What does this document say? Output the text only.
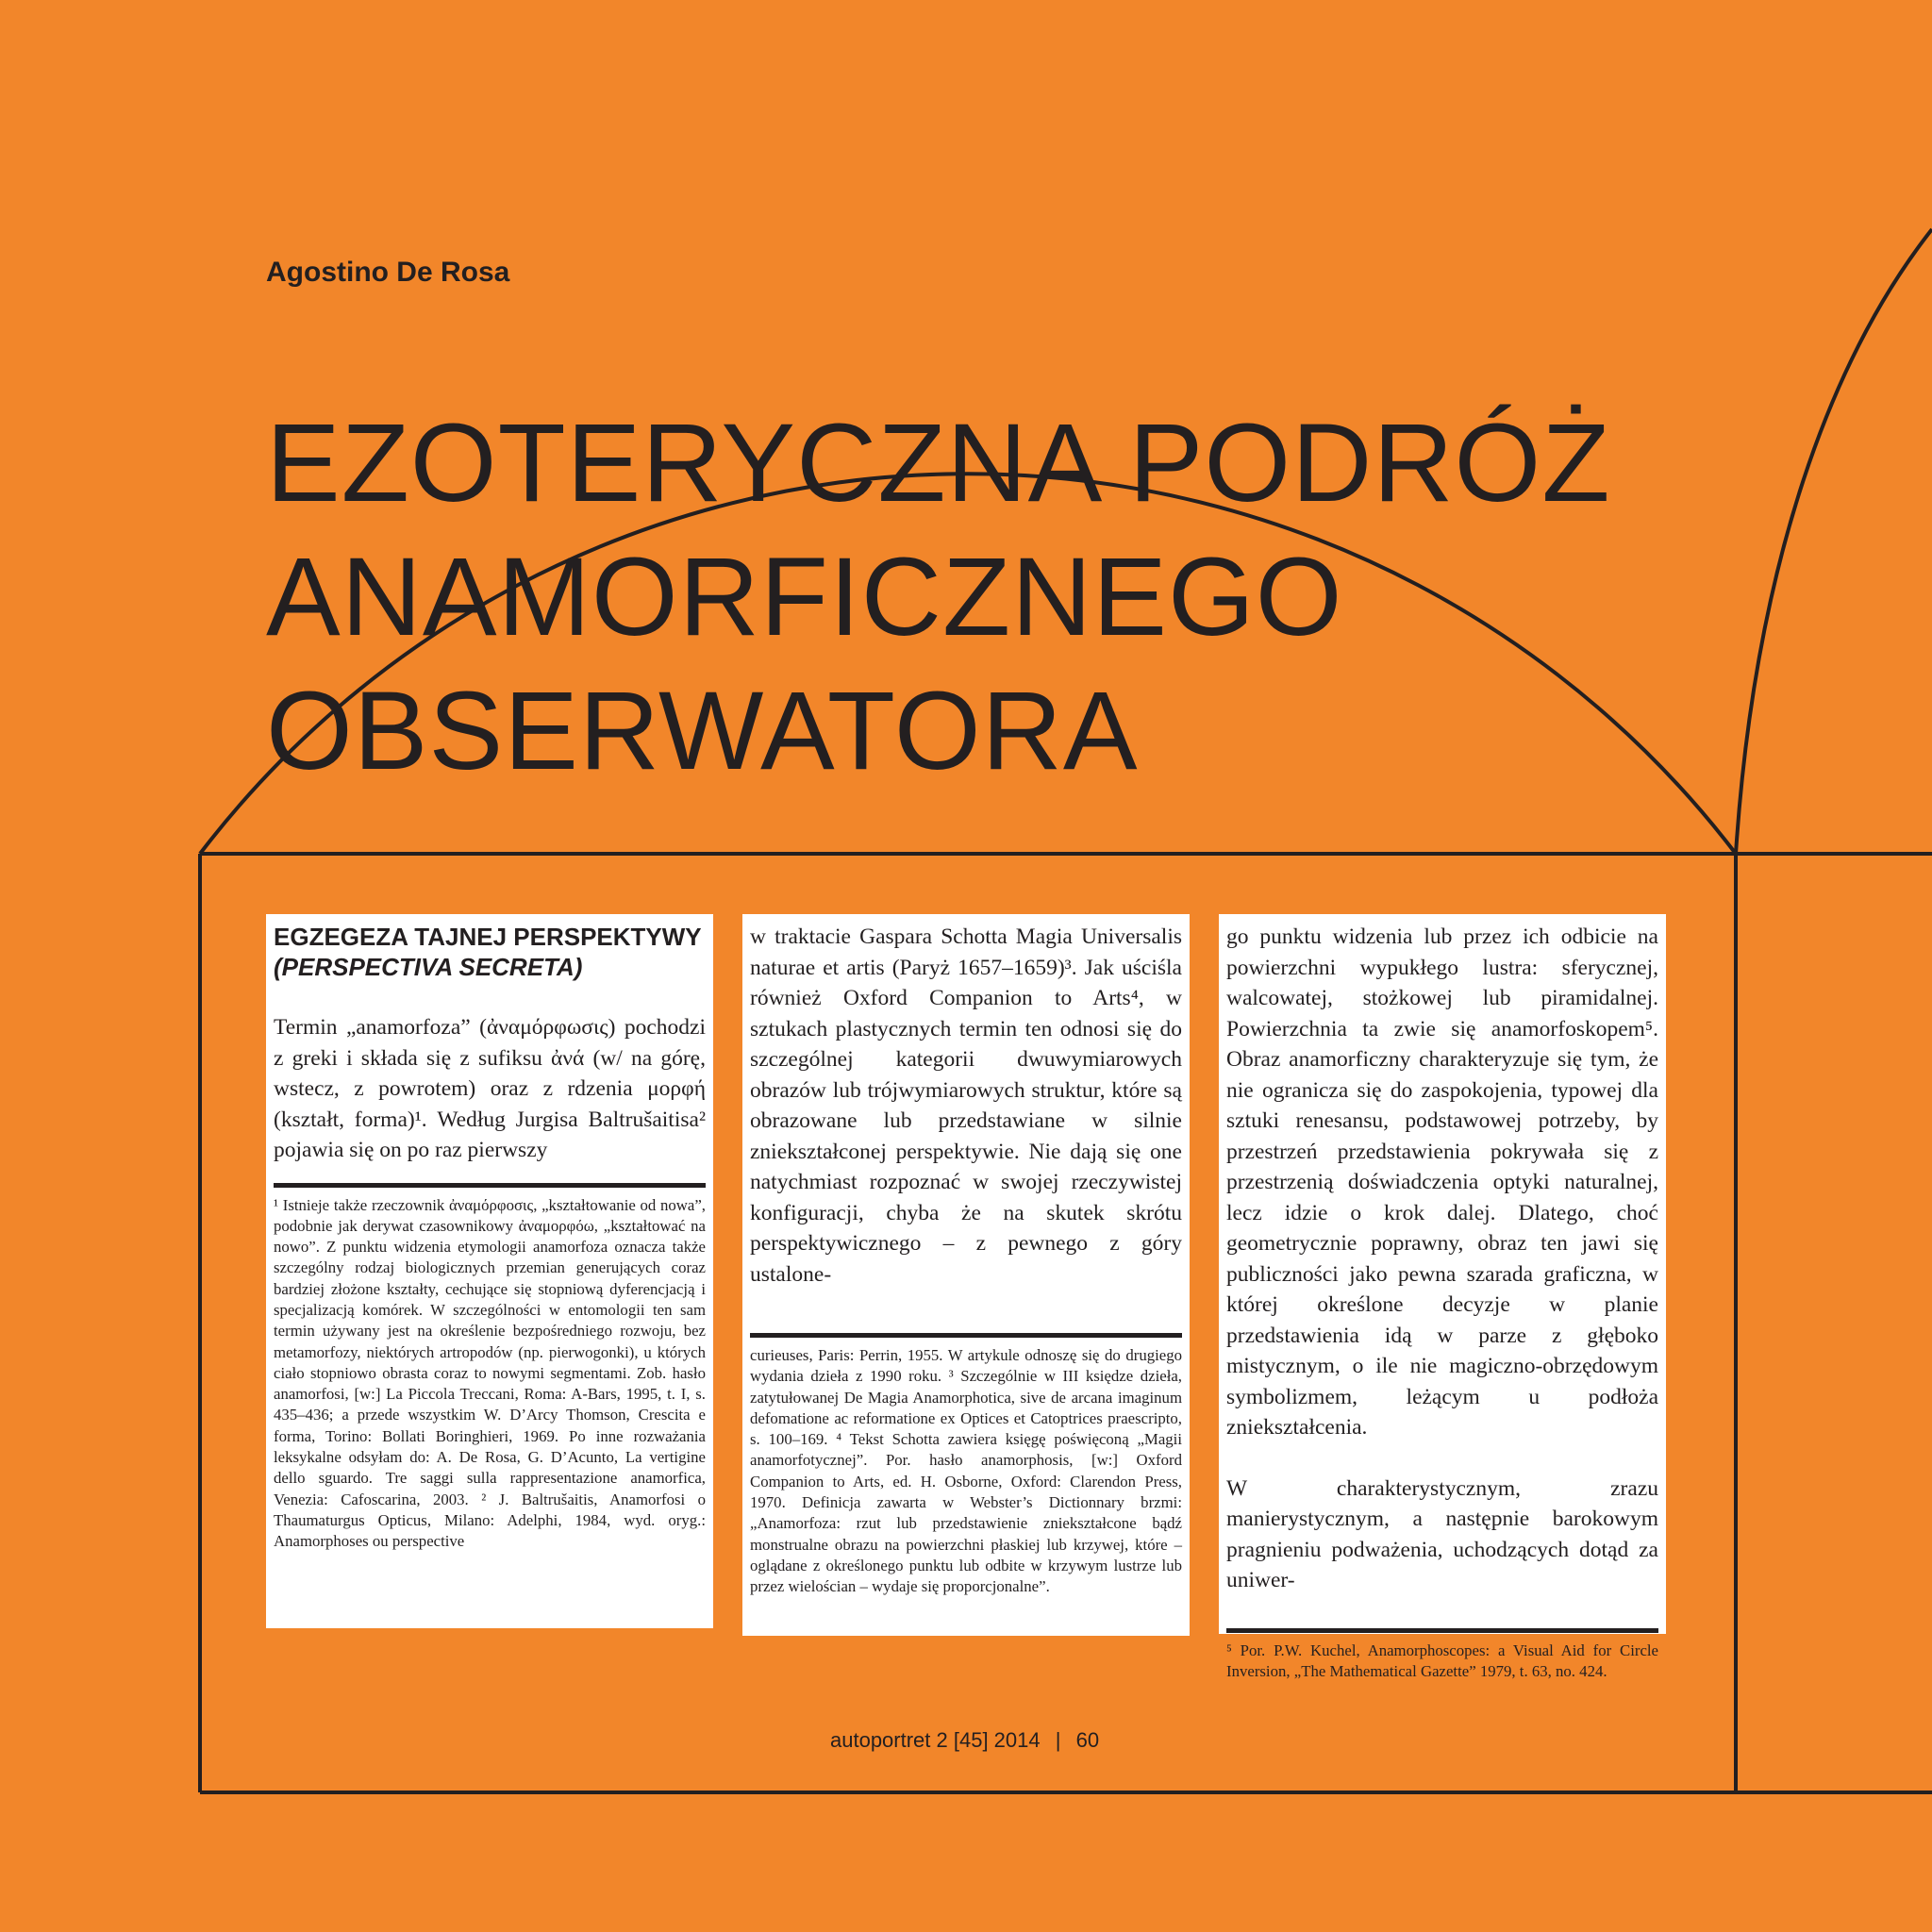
Agostino De Rosa

EZOTERYCZNA PODRÓŻ
ANAMORFICZNEGO
OBSERWATORA

EGZEGEZA TAJNEJ PERSPEKTYWY

(PERSPECTIVA SECRETA)

Termin „anamorfoza” (ἀναμόρφωσις) pochodzi z greki i składa się z sufiksu ἀνά (w/ na górę, wstecz, z powrotem) oraz z rdzenia μορφή (kształt, forma)¹. Według Jurgisa Baltrušaitisa² pojawia się on po raz pierwszy

¹ Istnieje także rzeczownik ἀναμόρφοσις, „kształtowanie od nowa”, podobnie jak derywat czasownikowy ἀναμορφόω, „kształtować na nowo”. Z punktu widzenia etymologii anamorfoza oznacza także szczególny rodzaj biologicznych przemian generujących coraz bardziej złożone kształty, cechujące się stopniową dyferencjacją i specjalizacją komórek. W szczególności w entomologii ten sam termin używany jest na określenie bezpośredniego rozwoju, bez metamorfozy, niektórych artropodów (np. pierwogonki), u których ciało stopniowo obrasta coraz to nowymi segmentami. Zob. hasło anamorfosi, [w:] La Piccola Treccani, Roma: A-Bars, 1995, t. I, s. 435–436; a przede wszystkim W. D’Arcy Thomson, Crescita e forma, Torino: Bollati Boringhieri, 1969. Po inne rozważania leksykalne odsyłam do: A. De Rosa, G. D’Acunto, La vertigine dello sguardo. Tre saggi sulla rappresentazione anamorfica, Venezia: Cafoscarina, 2003. ² J. Baltrušaitis, Anamorfosi o Thaumaturgus Opticus, Milano: Adelphi, 1984, wyd. oryg.: Anamorphoses ou perspective

w traktacie Gaspara Schotta Magia Universalis naturae et artis (Paryż 1657–1659)³. Jak uściśla również Oxford Companion to Arts⁴, w sztukach plastycznych termin ten odnosi się do szczególnej kategorii dwuwymiarowych obrazów lub trójwymiarowych struktur, które są obrazowane lub przedstawiane w silnie zniekształconej perspektywie. Nie dają się one natychmiast rozpoznać w swojej rzeczywistej konfiguracji, chyba że na skutek skrótu perspektywicznego – z pewnego z góry ustalone-

curieuses, Paris: Perrin, 1955. W artykule odnoszę się do drugiego wydania dzieła z 1990 roku. ³ Szczególnie w III księdze dzieła, zatytułowanej De Magia Anamorphotica, sive de arcana imaginum defomatione ac reformatione ex Optices et Catoptrices praescripto, s. 100–169. ⁴ Tekst Schotta zawiera księgę poświęconą „Magii anamorfotycznej”. Por. hasło anamorphosis, [w:] Oxford Companion to Arts, ed. H. Osborne, Oxford: Clarendon Press, 1970. Definicja zawarta w Webster’s Dictionnary brzmi: „Anamorfoza: rzut lub przedstawienie zniekształcone bądź monstrualne obrazu na powierzchni płaskiej lub krzywej, które – oglądane z określonego punktu lub odbite w krzywym lustrze lub przez wielościan – wydaje się proporcjonalne”.

go punktu widzenia lub przez ich odbicie na powierzchni wypukłego lustra: sferycznej, walcowatej, stożkowej lub piramidalnej. Powierzchnia ta zwie się anamorfoskopem⁵. Obraz anamorficzny charakteryzuje się tym, że nie ogranicza się do zaspokojenia, typowej dla sztuki renesansu, podstawowej potrzeby, by przestrzeń przedstawienia pokrywała się z przestrzenią doświadczenia optyki naturalnej, lecz idzie o krok dalej. Dlatego, choć geometrycznie poprawny, obraz ten jawi się publiczności jako pewna szarada graficzna, w której określone decyzje w planie przedstawienia idą w parze z głęboko mistycznym, o ile nie magiczno-obrzędowym symbolizmem, leżącym u podłoża zniekształcenia.

W charakterystycznym, zrazu manierystycznym, a następnie barokowym pragnieniu podważenia, uchodzących dotąd za uniwer-

⁵ Por. P.W. Kuchel, Anamorphoscopes: a Visual Aid for Circle Inversion, „The Mathematical Gazette” 1979, t. 63, no. 424.

autoportret 2 [45] 2014 | 60
